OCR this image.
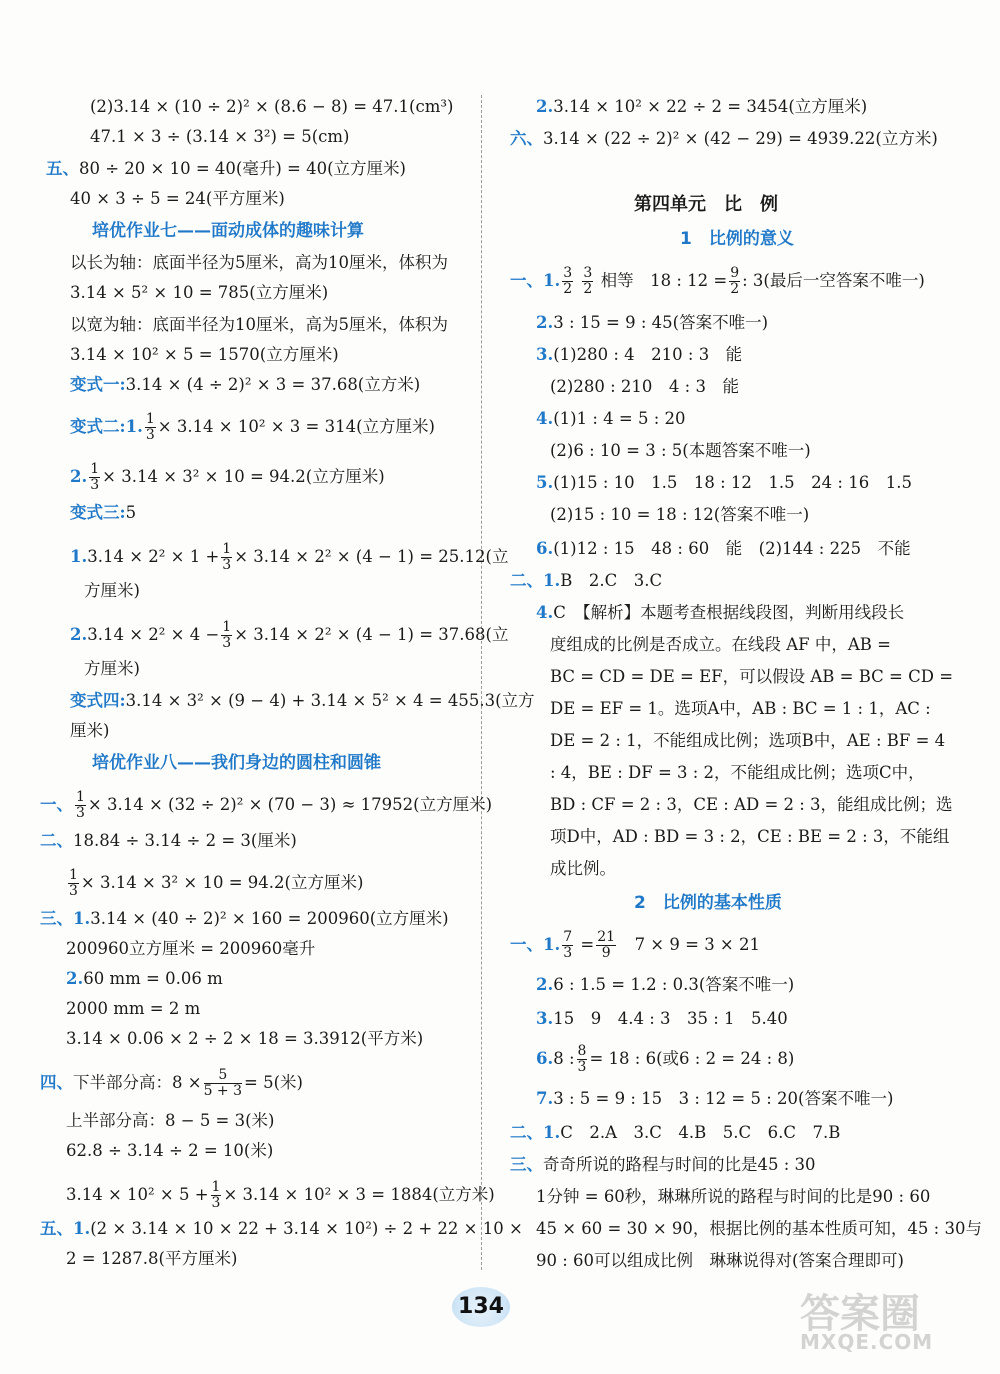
(2)3.14 × (10 ÷ 2)² × (8.6 − 8) = 47.1(cm³)
47.1 × 3 ÷ (3.14 × 3²) = 5(cm)
五、80 ÷ 20 × 10 = 40(毫升) = 40(立方厘米)
40 × 3 ÷ 5 = 24(平方厘米)
培优作业七——面动成体的趣味计算
以长为轴：底面半径为5厘米，高为10厘米，体积为
3.14 × 5² × 10 = 785(立方厘米)
以宽为轴：底面半径为10厘米，高为5厘米，体积为
3.14 × 10² × 5 = 1570(立方厘米)
变式一:3.14 × (4 ÷ 2)² × 3 = 37.68(立方米)
变式二:1. $\frac{1}{3} \times 3.14 \times 10^2 \times 3 = 314$(立方厘米)
2. $\frac{1}{3} \times 3.14 \times 3^2 \times 10 = 94.2$(立方厘米)
变式三:5
$1.3.14 \times 2^2 \times 1 + \frac{1}{3} \times 3.14 \times 2^2 \times (4 - 1) = 25.12$(立
方厘米)
$2.3.14 \times 2^2 \times 4 - \frac{1}{3} \times 3.14 \times 2^2 \times (4 - 1) = 37.68$(立
方厘米)
变式四:3.14 × 3² × (9 − 4) + 3.14 × 5² × 4 = 455.3(立方
厘米)
培优作业八——我们身边的圆柱和圆锥
一、 $\frac{1}{3} \times 3.14 \times (32 \div 2)^2 \times (70 - 3) \approx 17952$(立方厘米)
二、18.84 ÷ 3.14 ÷ 2 = 3(厘米)
$\frac{1}{3} \times 3.14 \times 3^2 \times 10 = 94.2$(立方厘米)
三、1.3.14 × (40 ÷ 2)² × 160 = 200960(立方厘米)
200960立方厘米 = 200960毫升
2.60 mm = 0.06 m
2000 mm = 2 m
3.14 × 0.06 × 2 ÷ 2 × 18 = 3.3912(平方米)
四、下半部分高：$8 \times \frac{5}{5 + 3} = 5$(米)
上半部分高：8 − 5 = 3(米)
62.8 ÷ 3.14 ÷ 2 = 10(米)
$3.14 \times 10^2 \times 5 + \frac{1}{3} \times 3.14 \times 10^2 \times 3 = 1884$(立方米)
五、1.(2 × 3.14 × 10 × 22 + 3.14 × 10²) ÷ 2 + 22 × 10 ×
2 = 1287.8(平方厘米)
2.3.14 × 10² × 22 ÷ 2 = 3454(立方厘米)
六、3.14 × (22 ÷ 2)² × (42 − 29) = 4939.22(立方米)
第四单元　比　例
1　比例的意义
一、1. $\frac{3}{2}$
$\frac{3}{2}$ 相等　18 : $12 = \frac{9}{2}$ : 3(最后一空答案不唯一)
2.3 : 15 = 9 : 45(答案不唯一)
3.(1)280 : 4　210 : 3　能
(2)280 : 210　4 : 3　能
4.(1)1 : 4 = 5 : 20
(2)6 : 10 = 3 : 5(本题答案不唯一)
5.(1)15 : 10　1.5　18 : 12　1.5　24 : 16　1.5
(2)15 : 10 = 18 : 12(答案不唯一)
6.(1)12 : 15　48 : 60　能　(2)144 : 225　不能
二、1.B　2.C　3.C
4.C　【解析】本题考查根据线段图，判断用线段长
度组成的比例是否成立。在线段 AF 中，AB =
BC = CD = DE = EF，可以假设 AB = BC = CD =
DE = EF = 1。选项A中，AB : BC = 1 : 1，AC :
DE = 2 : 1，不能组成比例；选项B中，AE : BF = 4
: 4，BE : DF = 3 : 2，不能组成比例；选项C中，
BD : CF = 2 : 3，CE : AD = 2 : 3，能组成比例；选
项D中，AD : BD = 3 : 2，CE : BE = 2 : 3，不能组
成比例。
2　比例的基本性质
一、1. $\frac{7}{3} = \frac{21}{9}$ 　7 × 9 = 3 × 21
2.6 : 1.5 = 1.2 : 0.3(答案不唯一)
3.15　9　4.4 : 3　35 : 1　5.40
6.8 : $\frac{8}{3} = 18$ : 6(或6 : 2 = 24 : 8)
7.3 : 5 = 9 : 15　3 : 12 = 5 : 20(答案不唯一)
二、1.C　2.A　3.C　4.B　5.C　6.C　7.B
三、奇奇所说的路程与时间的比是45 : 30
1分钟 = 60秒，琳琳所说的路程与时间的比是90 : 60
45 × 60 = 30 × 90，根据比例的基本性质可知，45 : 30与
90 : 60可以组成比例　琳琳说得对(答案合理即可)
134	答案圈
MXQE.COM
